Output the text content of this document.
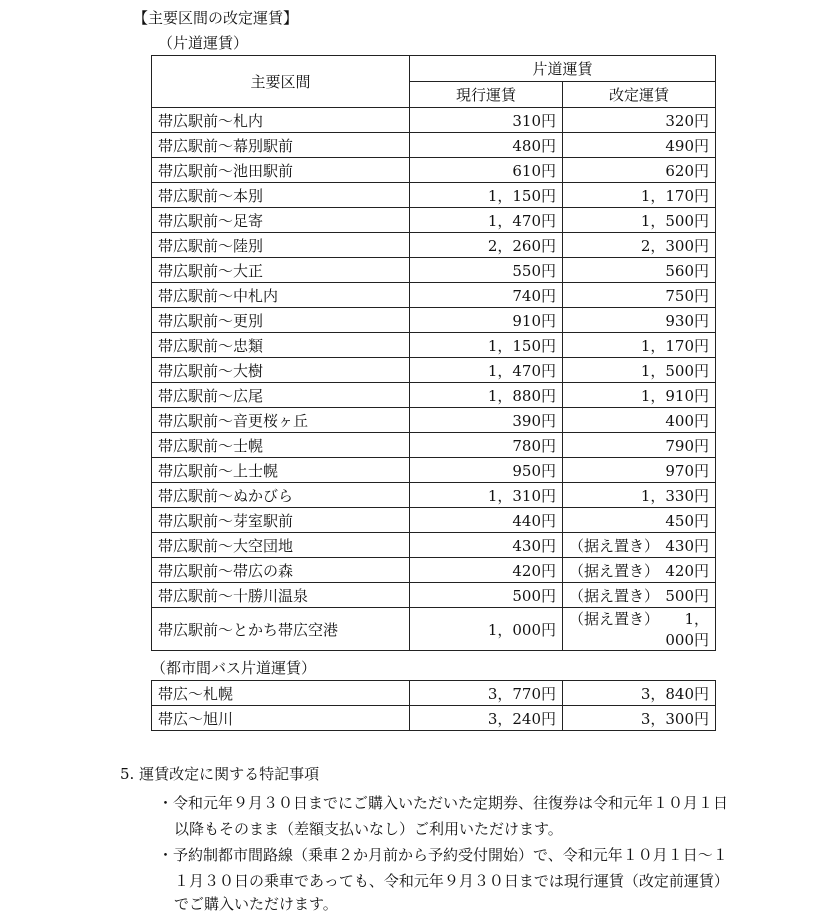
【主要区間の改定運賃】
（片道運賃）
主要区間	片道運賃	
	現行運賃	改定運賃
帯広駅前～札内	310円	320円
帯広駅前～幕別駅前	480円	490円
帯広駅前～池田駅前	610円	620円
帯広駅前～本別	1，150円	1，170円
帯広駅前～足寄	1，470円	1，500円
帯広駅前～陸別	2，260円	2，300円
帯広駅前～大正	550円	560円
帯広駅前～中札内	740円	750円
帯広駅前～更別	910円	930円
帯広駅前～忠類	1，150円	1，170円
帯広駅前～大樹	1，470円	1，500円
帯広駅前～広尾	1，880円	1，910円
帯広駅前～音更桜ヶ丘	390円	400円
帯広駅前～士幌	780円	790円
帯広駅前～上士幌	950円	970円
帯広駅前～ぬかびら	1，310円	1，330円
帯広駅前～芽室駅前	440円	450円
帯広駅前～大空団地	430円	（据え置き） 430円
帯広駅前～帯広の森	420円	（据え置き） 420円
帯広駅前～十勝川温泉	500円	（据え置き） 500円
帯広駅前～とかち帯広空港	1，000円	（据え置き） 1，000円
（都市間バス片道運賃）
帯広～札幌	3，770円	3，840円
帯広～旭川	3，240円	3，300円
5. 運賃改定に関する特記事項
・令和元年９月３０日までにご購入いただいた定期券、往復券は令和元年１０月１日
以降もそのまま（差額支払いなし）ご利用いただけます。
・予約制都市間路線（乗車２か月前から予約受付開始）で、令和元年１０月１日～１
１月３０日の乗車であっても、令和元年９月３０日までは現行運賃（改定前運賃）
でご購入いただけます。
